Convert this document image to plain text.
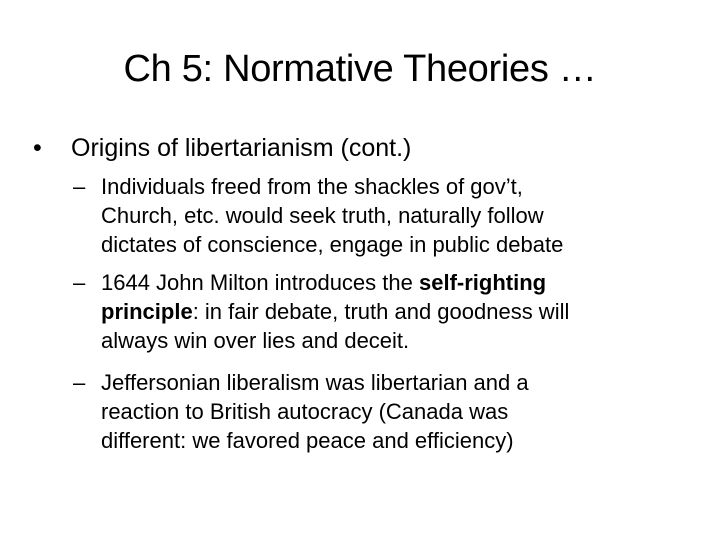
Ch 5: Normative Theories …
• Origins of libertarianism (cont.)
– Individuals freed from the shackles of gov’t,
Church, etc. would seek truth, naturally follow
dictates of conscience, engage in public debate
– 1644 John Milton introduces the self-righting
principle: in fair debate, truth and goodness will
always win over lies and deceit.
– Jeffersonian liberalism was libertarian and a
reaction to British autocracy (Canada was
different: we favored peace and efficiency)
